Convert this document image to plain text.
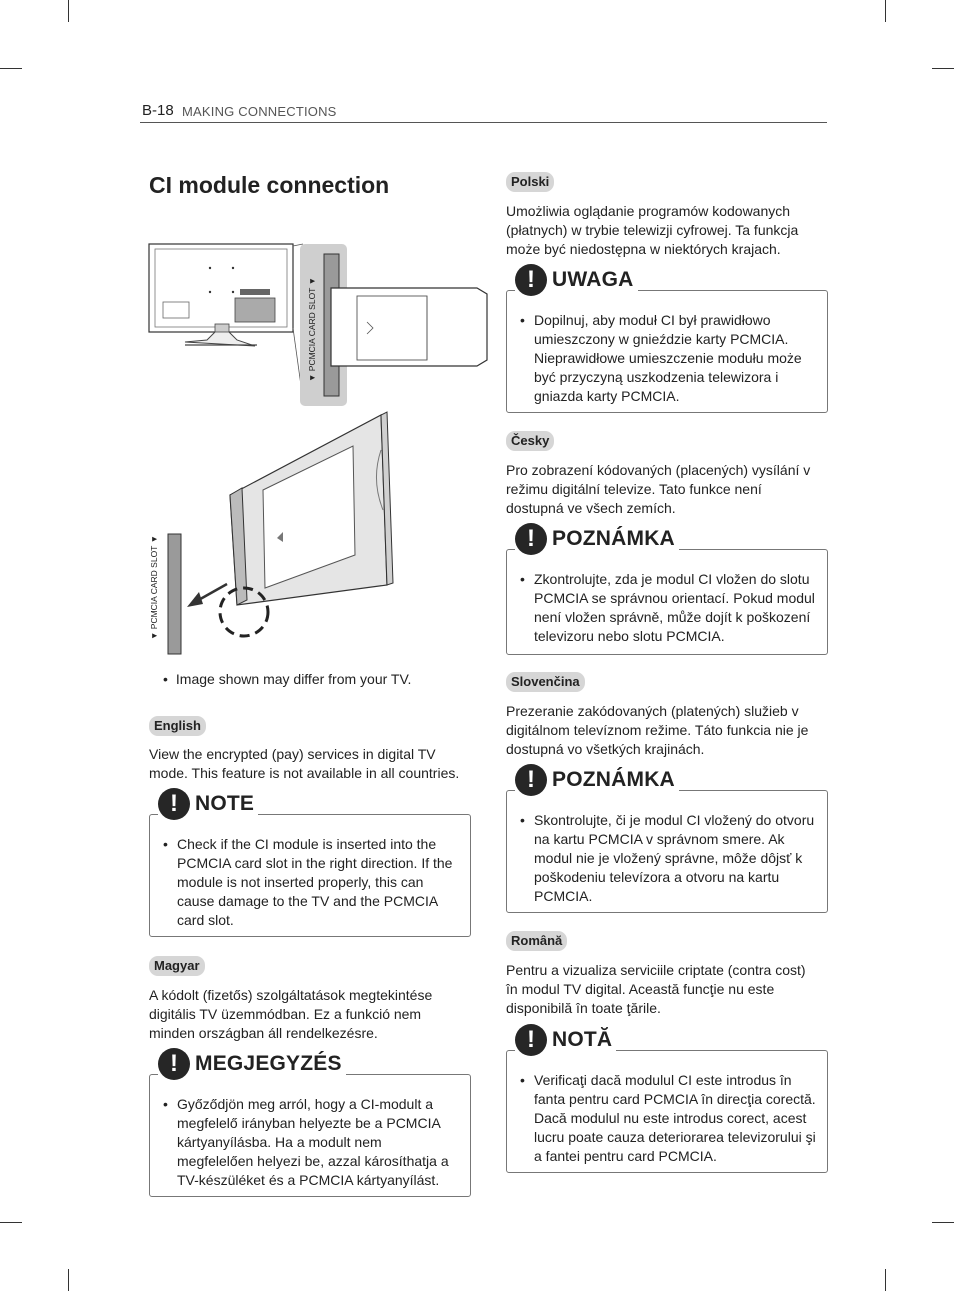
B-18 MAKING CONNECTIONS
CI module connection
▼ PCMCIA CARD SLOT ▼
▼ PCMCIA CARD SLOT ▼
• Image shown may differ from your TV.
English

View the encrypted (pay) services in digital TV mode. This feature is not available in all countries.

! NOTE
• Check if the CI module is inserted into the PCMCIA card slot in the right direction. If the module is not inserted properly, this can cause damage to the TV and the PCMCIA card slot.
Magyar

A kódolt (fizetős) szolgáltatások megtekintése digitális TV üzemmódban. Ez a funkció nem minden országban áll rendelkezésre.

! MEGJEGYZÉS
• Győződjön meg arról, hogy a CI-modult a megfelelő irányban helyezte be a PCMCIA kártyanyílásba. Ha a modult nem megfelelően helyezi be, azzal károsíthatja a TV-készüléket és a PCMCIA kártyanyílást.
Polski

Umożliwia oglądanie programów kodowanych (płatnych) w trybie telewizji cyfrowej. Ta funkcja może być niedostępna w niektórych krajach.

! UWAGA
• Dopilnuj, aby moduł CI był prawidłowo umieszczony w gnieździe karty PCMCIA. Nieprawidłowe umieszczenie modułu może być przyczyną uszkodzenia telewizora i gniazda karty PCMCIA.
Česky

Pro zobrazení kódovaných (placených) vysílání v režimu digitální televize. Tato funkce není dostupná ve všech zemích.

! POZNÁMKA
• Zkontrolujte, zda je modul CI vložen do slotu PCMCIA se správnou orientací. Pokud modul není vložen správně, může dojít k poškození televizoru nebo slotu PCMCIA.
Slovenčina

Prezeranie zakódovaných (platených) služieb v digitálnom televíznom režime. Táto funkcia nie je dostupná vo všetkých krajinách.

! POZNÁMKA
• Skontrolujte, či je modul CI vložený do otvoru na kartu PCMCIA v správnom smere. Ak modul nie je vložený správne, môže dôjsť k poškodeniu televízora a otvoru na kartu PCMCIA.
Română

Pentru a vizualiza serviciile criptate (contra cost) în modul TV digital. Această funcţie nu este disponibilă în toate ţările.

! NOTĂ
• Verificaţi dacă modulul CI este introdus în fanta pentru card PCMCIA în direcţia corectă. Dacă modulul nu este introdus corect, acest lucru poate cauza deteriorarea televizorului şi a fantei pentru card PCMCIA.
